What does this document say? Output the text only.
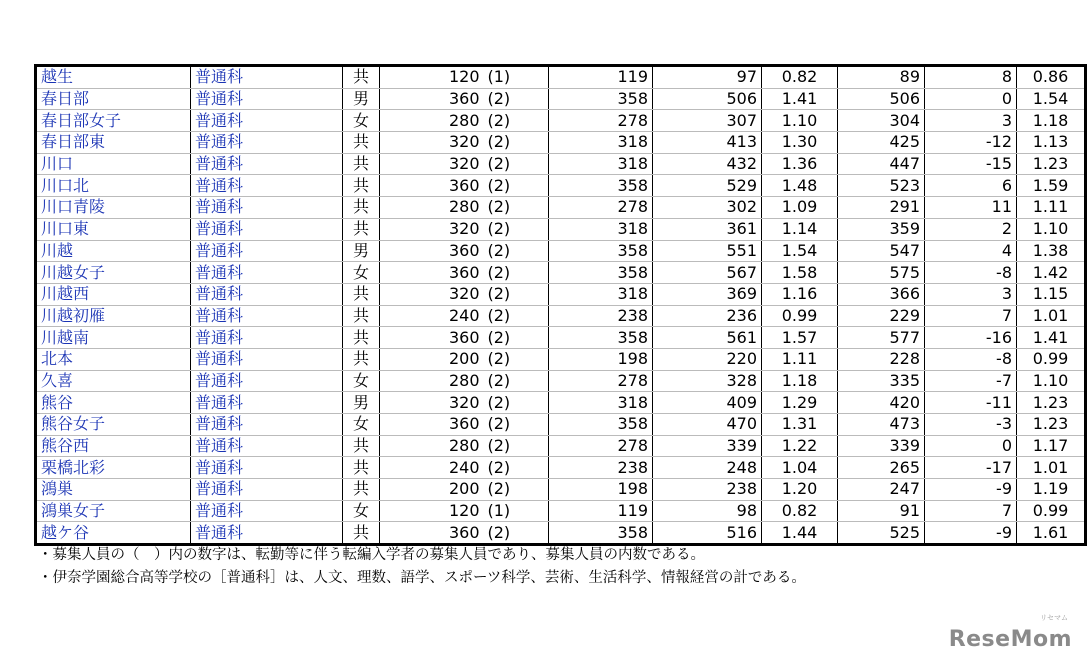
越生	普通科	共	120	(1)	119	97	0.82	89	8	0.86
春日部	普通科	男	360	(2)	358	506	1.41	506	0	1.54
春日部女子	普通科	女	280	(2)	278	307	1.10	304	3	1.18
春日部東	普通科	共	320	(2)	318	413	1.30	425	-12	1.13
川口	普通科	共	320	(2)	318	432	1.36	447	-15	1.23
川口北	普通科	共	360	(2)	358	529	1.48	523	6	1.59
川口青陵	普通科	共	280	(2)	278	302	1.09	291	11	1.11
川口東	普通科	共	320	(2)	318	361	1.14	359	2	1.10
川越	普通科	男	360	(2)	358	551	1.54	547	4	1.38
川越女子	普通科	女	360	(2)	358	567	1.58	575	-8	1.42
川越西	普通科	共	320	(2)	318	369	1.16	366	3	1.15
川越初雁	普通科	共	240	(2)	238	236	0.99	229	7	1.01
川越南	普通科	共	360	(2)	358	561	1.57	577	-16	1.41
北本	普通科	共	200	(2)	198	220	1.11	228	-8	0.99
久喜	普通科	女	280	(2)	278	328	1.18	335	-7	1.10
熊谷	普通科	男	320	(2)	318	409	1.29	420	-11	1.23
熊谷女子	普通科	女	360	(2)	358	470	1.31	473	-3	1.23
熊谷西	普通科	共	280	(2)	278	339	1.22	339	0	1.17
栗橋北彩	普通科	共	240	(2)	238	248	1.04	265	-17	1.01
鴻巣	普通科	共	200	(2)	198	238	1.20	247	-9	1.19
鴻巣女子	普通科	女	120	(1)	119	98	0.82	91	7	0.99
越ケ谷	普通科	共	360	(2)	358	516	1.44	525	-9	1.61
・募集人員の（　）内の数字は、転勤等に伴う転編入学者の募集人員であり、募集人員の内数である。
・伊奈学園総合高等学校の［普通科］は、人文、理数、語学、スポーツ科学、芸術、生活科学、情報経営の計である。
リセマム
ReseMom
